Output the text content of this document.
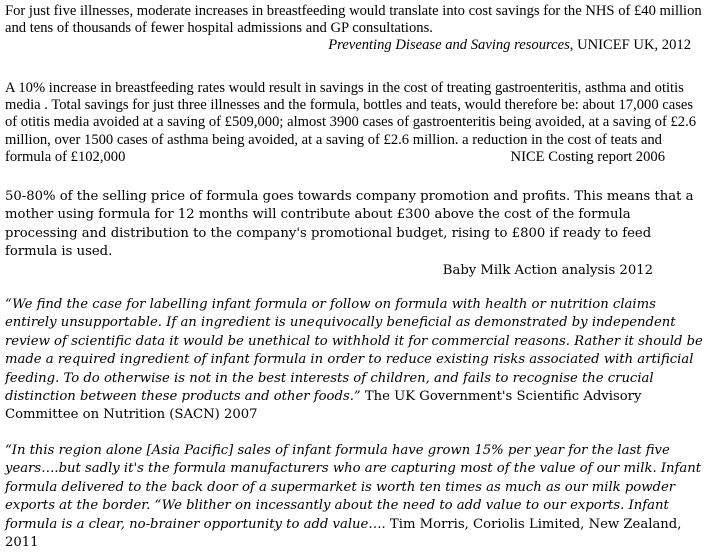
For just five illnesses, moderate increases in breastfeeding would translate into cost savings for the NHS of £40 million and tens of thousands of fewer hospital admissions and GP consultations.

Preventing Disease and Saving resources, UNICEF UK, 2012

A 10% increase in breastfeeding rates would result in savings in the cost of treating gastroenteritis, asthma and otitis media . Total savings for just three illnesses and the formula, bottles and teats, would therefore be: about 17,000 cases of otitis media avoided at a saving of £509,000; almost 3900 cases of gastroenteritis being avoided, at a saving of £2.6 million, over 1500 cases of asthma being avoided, at a saving of £2.6 million. a reduction in the cost of teats and formula of £102,000	NICE Costing report 2006

50-80% of the selling price of formula goes towards company promotion and profits. This means that a mother using formula for 12 months will contribute about £300 above the cost of the formula processing and distribution to the company's promotional budget, rising to £800 if ready to feed formula is used.

Baby Milk Action analysis 2012

“We find the case for labelling infant formula or follow on formula with health or nutrition claims entirely unsupportable. If an ingredient is unequivocally beneficial as demonstrated by independent review of scientific data it would be unethical to withhold it for commercial reasons. Rather it should be made a required ingredient of infant formula in order to reduce existing risks associated with artificial feeding. To do otherwise is not in the best interests of children, and fails to recognise the crucial distinction between these products and other foods.” The UK Government's Scientific Advisory Committee on Nutrition (SACN) 2007

“In this region alone [Asia Pacific] sales of infant formula have grown 15% per year for the last five years….but sadly it's the formula manufacturers who are capturing most of the value of our milk. Infant formula delivered to the back door of a supermarket is worth ten times as much as our milk powder exports at the border. “We blither on incessantly about the need to add value to our exports. Infant formula is a clear, no-brainer opportunity to add value…. Tim Morris, Coriolis Limited, New Zealand, 2011
